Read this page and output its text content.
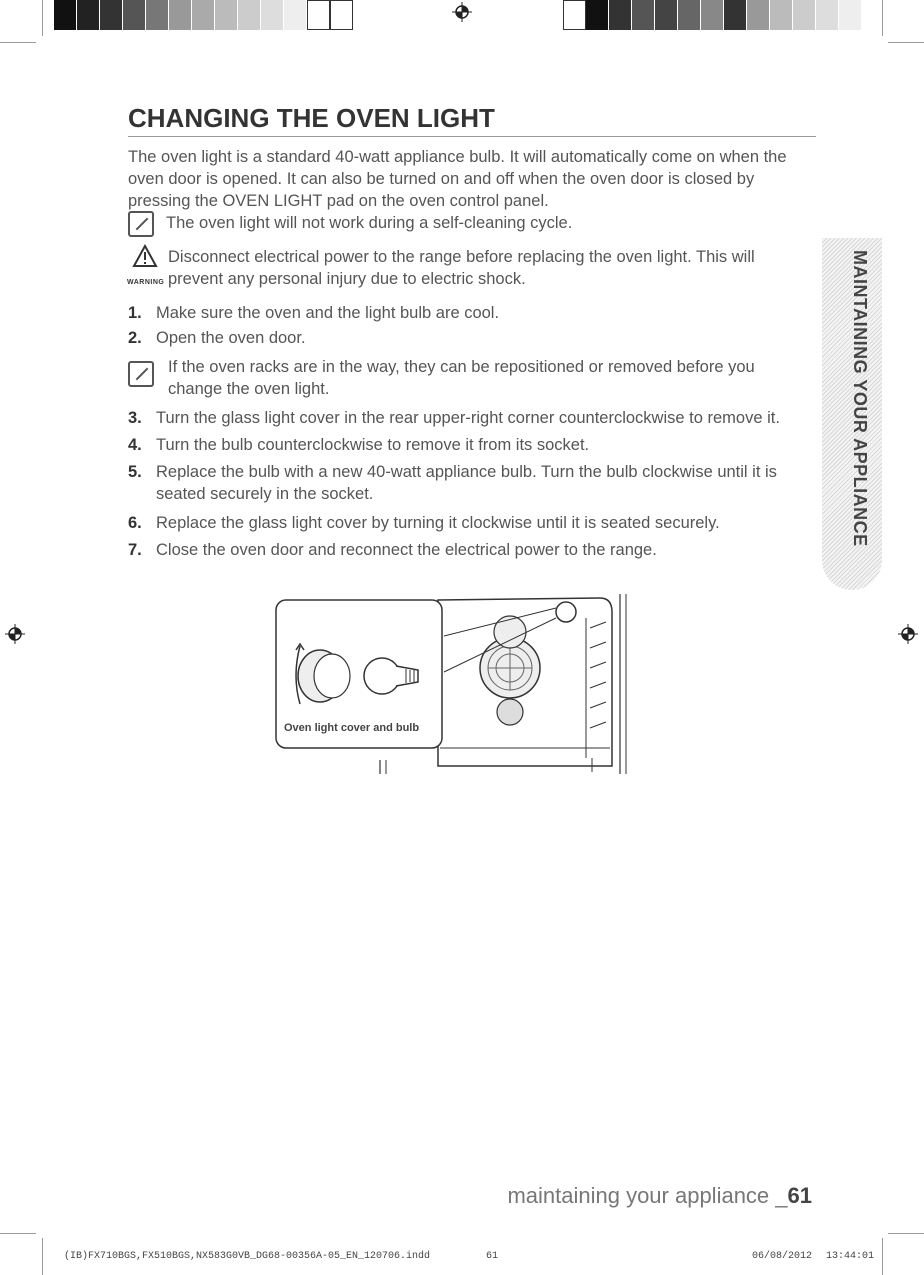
CHANGING THE OVEN LIGHT
The oven light is a standard 40-watt appliance bulb. It will automatically come on when the oven door is opened. It can also be turned on and off when the oven door is closed by pressing the OVEN LIGHT pad on the oven control panel.
The oven light will not work during a self-cleaning cycle.
WARNING
Disconnect electrical power to the range before replacing the oven light. This will prevent any personal injury due to electric shock.
1. Make sure the oven and the light bulb are cool.
2. Open the oven door.
If the oven racks are in the way, they can be repositioned or removed before you change the oven light.
3. Turn the glass light cover in the rear upper-right corner counterclockwise to remove it.
4. Turn the bulb counterclockwise to remove it from its socket.
5. Replace the bulb with a new 40-watt appliance bulb. Turn the bulb clockwise until it is seated securely in the socket.
6. Replace the glass light cover by turning it clockwise until it is seated securely.
7. Close the oven door and reconnect the electrical power to the range.
MAINTAINING YOUR APPLIANCE
Oven light cover and bulb
maintaining your appliance _61
(IB)FX710BGS,FX510BGS,NX583G0VB_DG68-00356A-05_EN_120706.indd	61	06/08/2012 13:44:01
